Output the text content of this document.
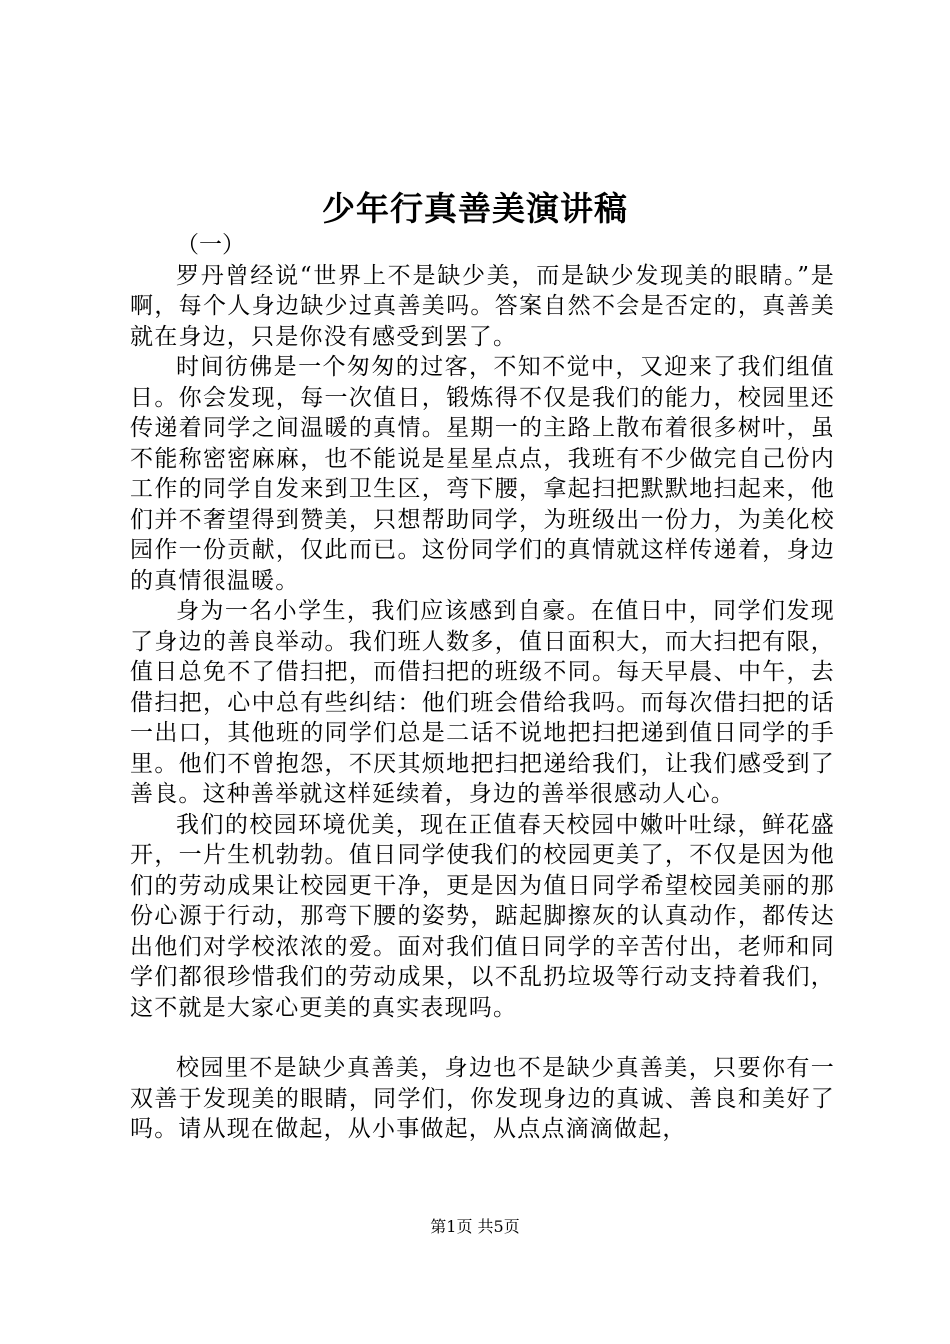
少年行真善美演讲稿

（一）

罗丹曾经说“世界上不是缺少美，而是缺少发现美的眼睛。”是啊，每个人身边缺少过真善美吗。答案自然不会是否定的，真善美就在身边，只是你没有感受到罢了。

时间彷佛是一个匆匆的过客，不知不觉中，又迎来了我们组值日。你会发现，每一次值日，锻炼得不仅是我们的能力，校园里还传递着同学之间温暖的真情。星期一的主路上散布着很多树叶，虽不能称密密麻麻，也不能说是星星点点，我班有不少做完自己份内工作的同学自发来到卫生区，弯下腰，拿起扫把默默地扫起来，他们并不奢望得到赞美，只想帮助同学，为班级出一份力，为美化校园作一份贡献，仅此而已。这份同学们的真情就这样传递着，身边的真情很温暖。

身为一名小学生，我们应该感到自豪。在值日中，同学们发现了身边的善良举动。我们班人数多，值日面积大，而大扫把有限，值日总免不了借扫把，而借扫把的班级不同。每天早晨、中午，去借扫把，心中总有些纠结：他们班会借给我吗。而每次借扫把的话一出口，其他班的同学们总是二话不说地把扫把递到值日同学的手里。他们不曾抱怨，不厌其烦地把扫把递给我们，让我们感受到了善良。这种善举就这样延续着，身边的善举很感动人心。

我们的校园环境优美，现在正值春天校园中嫩叶吐绿，鲜花盛开，一片生机勃勃。值日同学使我们的校园更美了，不仅是因为他们的劳动成果让校园更干净，更是因为值日同学希望校园美丽的那份心源于行动，那弯下腰的姿势，踮起脚擦灰的认真动作，都传达出他们对学校浓浓的爱。面对我们值日同学的辛苦付出，老师和同学们都很珍惜我们的劳动成果，以不乱扔垃圾等行动支持着我们，这不就是大家心更美的真实表现吗。

校园里不是缺少真善美，身边也不是缺少真善美，只要你有一双善于发现美的眼睛，同学们，你发现身边的真诚、善良和美好了吗。请从现在做起，从小事做起，从点点滴滴做起，

第1页 共5页
